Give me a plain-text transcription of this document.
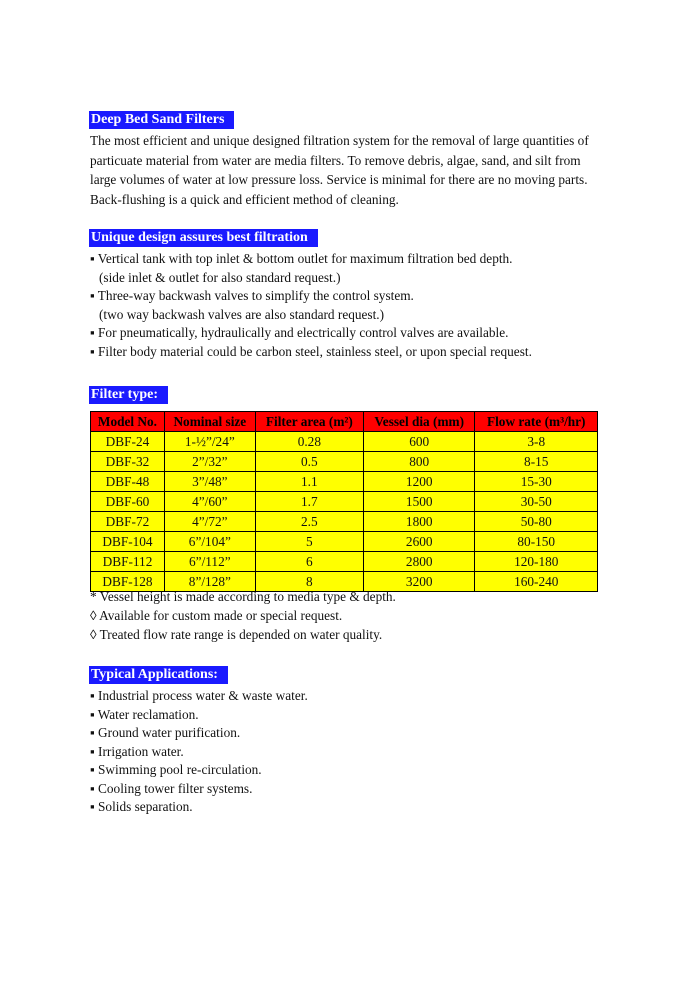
Deep Bed Sand Filters

The most efficient and unique designed filtration system for the removal of large quantities of particuate material from water are media filters. To remove debris, algae, sand, and silt from large volumes of water at low pressure loss. Service is minimal for there are no moving parts. Back-flushing is a quick and efficient method of cleaning.

Unique design assures best filtration
▪ Vertical tank with top inlet & bottom outlet for maximum filtration bed depth.
(side inlet & outlet for also standard request.)
▪ Three-way backwash valves to simplify the control system.
(two way backwash valves are also standard request.)
▪ For pneumatically, hydraulically and electrically control valves are available.
▪ Filter body material could be carbon steel, stainless steel, or upon special request.
Filter type:
Model No.	Nominal size	Filter area (m²)	Vessel dia (mm)	Flow rate (m³/hr)
DBF-24	1-½”/24”	0.28	600	3-8
DBF-32	2”/32”	0.5	800	8-15
DBF-48	3”/48”	1.1	1200	15-30
DBF-60	4”/60”	1.7	1500	30-50
DBF-72	4”/72”	2.5	1800	50-80
DBF-104	6”/104”	5	2600	80-150
DBF-112	6”/112”	6	2800	120-180
DBF-128	8”/128”	8	3200	160-240
* Vessel height is made according to media type & depth.
◊ Available for custom made or special request.
◊ Treated flow rate range is depended on water quality.
Typical Applications:
▪ Industrial process water & waste water.
▪ Water reclamation.
▪ Ground water purification.
▪ Irrigation water.
▪ Swimming pool re-circulation.
▪ Cooling tower filter systems.
▪ Solids separation.
